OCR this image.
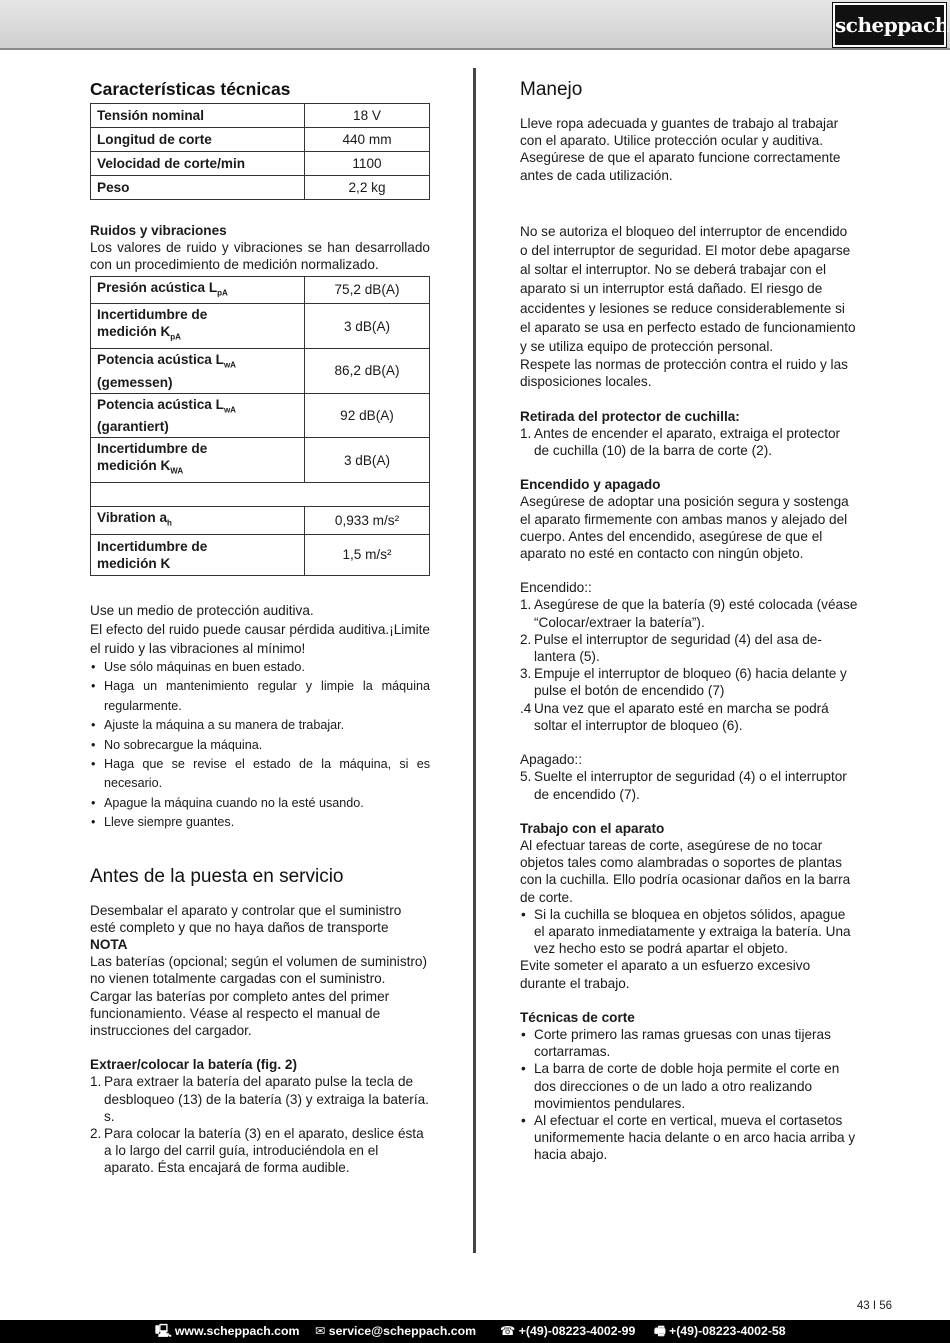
scheppach
Características técnicas
Tensión nominal	18 V
Longitud de corte	440 mm
Velocidad de corte/min	1100
Peso	2,2 kg
Ruidos y vibraciones

Los valores de ruido y vibraciones se han desarrollado con un procedimiento de medición normalizado.

Presión acústica $L_{pA}$	75,2 dB(A)
Incertidumbre de
medición $K_{pA}$	3 dB(A)
Potencia acústica $L_{wA}$
(gemessen)	86,2 dB(A)
Potencia acústica $L_{wA}$
(garantiert)	92 dB(A)
Incertidumbre de
medición $K_{WA}$	3 dB(A)

Vibration $a_h$	0,933 m/s²
Incertidumbre de
medición K	1,5 m/s²

Use un medio de protección auditiva.

El efecto del ruido puede causar pérdida auditiva.¡Limite el ruido y las vibraciones al mínimo!

• Use sólo máquinas en buen estado.
• Haga un mantenimiento regular y limpie la máquina regularmente.
• Ajuste la máquina a su manera de trabajar.
• No sobrecargue la máquina.
• Haga que se revise el estado de la máquina, si es necesario.
• Apague la máquina cuando no la esté usando.
• Lleve siempre guantes.
Antes de la puesta en servicio

Desembalar el aparato y controlar que el suministro esté completo y que no haya daños de transporte

NOTA

Las baterías (opcional; según el volumen de suministro) no vienen totalmente cargadas con el suministro. Cargar las baterías por completo antes del primer funcionamiento. Véase al respecto el manual de instrucciones del cargador.

Extraer/colocar la batería (fig. 2)
1. Para extraer la batería del aparato pulse la tecla de desbloqueo (13) de la batería (3) y extraiga la batería. s.
2. Para colocar la batería (3) en el aparato, deslice ésta a lo largo del carril guía, introduciéndola en el aparato. Ésta encajará de forma audible.
Manejo

Lleve ropa adecuada y guantes de trabajo al trabajar con el aparato. Utilice protección ocular y auditiva. Asegúrese de que el aparato funcione correctamente antes de cada utilización.

No se autoriza el bloqueo del interruptor de encendido o del interruptor de seguridad. El motor debe apagarse al soltar el interruptor. No se deberá trabajar con el aparato si un interruptor está dañado. El riesgo de accidentes y lesiones se reduce considerablemente si el aparato se usa en perfecto estado de funcionamiento y se utiliza equipo de protección personal.

Respete las normas de protección contra el ruido y las disposiciones locales.

Retirada del protector de cuchilla:
1. Antes de encender el aparato, extraiga el protector de cuchilla (10) de la barra de corte (2).
Encendido y apagado

Asegúrese de adoptar una posición segura y sostenga el aparato firmemente con ambas manos y alejado del cuerpo. Antes del encendido, asegúrese de que el aparato no esté en contacto con ningún objeto.

Encendido::

1. Asegúrese de que la batería (9) esté colocada (véase “Colocar/extraer la batería”).
2. Pulse el interruptor de seguridad (4) del asa delantera (5).
3. Empuje el interruptor de bloqueo (6) hacia delante y pulse el botón de encendido (7)
.4 Una vez que el aparato esté en marcha se podrá soltar el interruptor de bloqueo (6).

Apagado::

5. Suelte el interruptor de seguridad (4) o el interruptor de encendido (7).
Trabajo con el aparato

Al efectuar tareas de corte, asegúrese de no tocar objetos tales como alambradas o soportes de plantas con la cuchilla. Ello podría ocasionar daños en la barra de corte.

• Si la cuchilla se bloquea en objetos sólidos, apague el aparato inmediatamente y extraiga la batería. Una vez hecho esto se podrá apartar el objeto.

Evite someter el aparato a un esfuerzo excesivo durante el trabajo.

Técnicas de corte
• Corte primero las ramas gruesas con unas tijeras cortarramas.
• La barra de corte de doble hoja permite el corte en dos direcciones o de un lado a otro realizando movimientos pendulares.
• Al efectuar el corte en vertical, mueva el cortasetos uniformemente hacia delante o en arco hacia arriba y hacia abajo.
43 I 56
🖳 www.scheppach.com ✉ service@scheppach.com ☎ +(49)-08223-4002-99 🖷 +(49)-08223-4002-58
